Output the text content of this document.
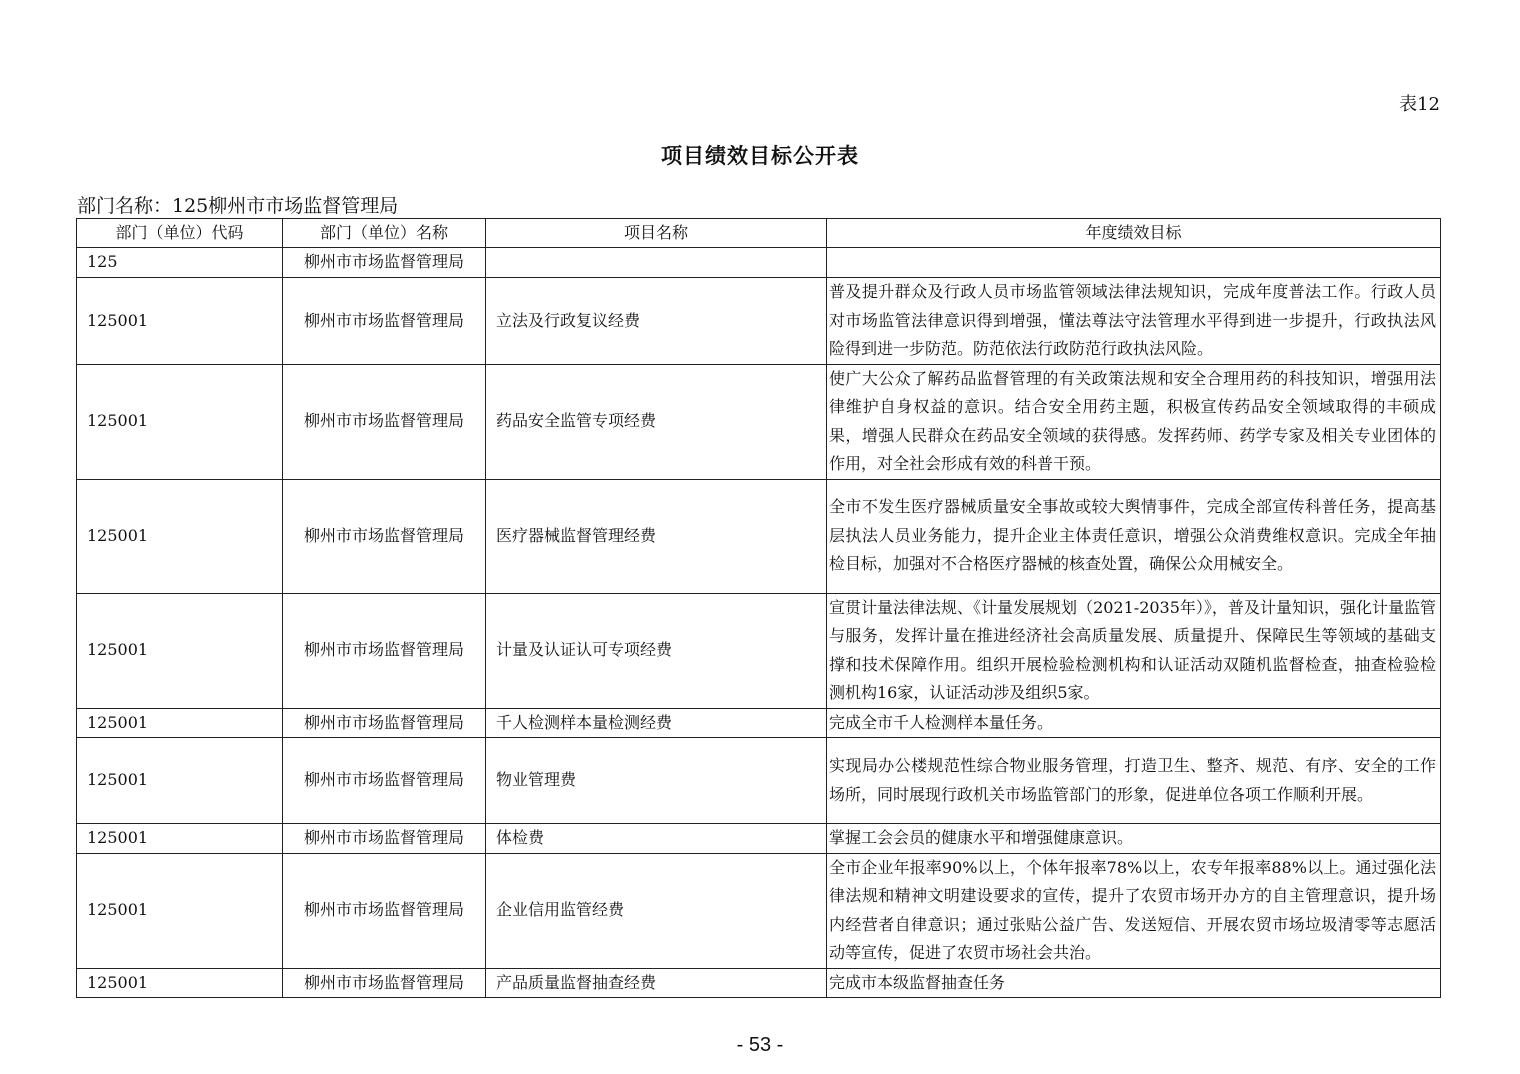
表12
项目绩效目标公开表
部门名称：125柳州市市场监督管理局
部门（单位）代码	部门（单位）名称	项目名称	年度绩效目标
125	柳州市市场监督管理局		
125001	柳州市市场监督管理局	立法及行政复议经费	普及提升群众及行政人员市场监管领域法律法规知识，完成年度普法工作。行政人员对市场监管法律意识得到增强，懂法尊法守法管理水平得到进一步提升，行政执法风险得到进一步防范。防范依法行政防范行政执法风险。
125001	柳州市市场监督管理局	药品安全监管专项经费	使广大公众了解药品监督管理的有关政策法规和安全合理用药的科技知识，增强用法律维护自身权益的意识。结合安全用药主题，积极宣传药品安全领域取得的丰硕成果，增强人民群众在药品安全领域的获得感。发挥药师、药学专家及相关专业团体的作用，对全社会形成有效的科普干预。
125001	柳州市市场监督管理局	医疗器械监督管理经费	全市不发生医疗器械质量安全事故或较大舆情事件，完成全部宣传科普任务，提高基层执法人员业务能力，提升企业主体责任意识，增强公众消费维权意识。完成全年抽检目标，加强对不合格医疗器械的核查处置，确保公众用械安全。
125001	柳州市市场监督管理局	计量及认证认可专项经费	宣贯计量法律法规、《计量发展规划（2021-2035年）》，普及计量知识，强化计量监管与服务，发挥计量在推进经济社会高质量发展、质量提升、保障民生等领域的基础支撑和技术保障作用。组织开展检验检测机构和认证活动双随机监督检查，抽查检验检测机构16家，认证活动涉及组织5家。
125001	柳州市市场监督管理局	千人检测样本量检测经费	完成全市千人检测样本量任务。
125001	柳州市市场监督管理局	物业管理费	实现局办公楼规范性综合物业服务管理，打造卫生、整齐、规范、有序、安全的工作场所，同时展现行政机关市场监管部门的形象，促进单位各项工作顺利开展。
125001	柳州市市场监督管理局	体检费	掌握工会会员的健康水平和增强健康意识。
125001	柳州市市场监督管理局	企业信用监管经费	全市企业年报率90%以上，个体年报率78%以上，农专年报率88%以上。通过强化法律法规和精神文明建设要求的宣传，提升了农贸市场开办方的自主管理意识，提升场内经营者自律意识；通过张贴公益广告、发送短信、开展农贸市场垃圾清零等志愿活动等宣传，促进了农贸市场社会共治。
125001	柳州市市场监督管理局	产品质量监督抽查经费	完成市本级监督抽查任务
- 53 -
